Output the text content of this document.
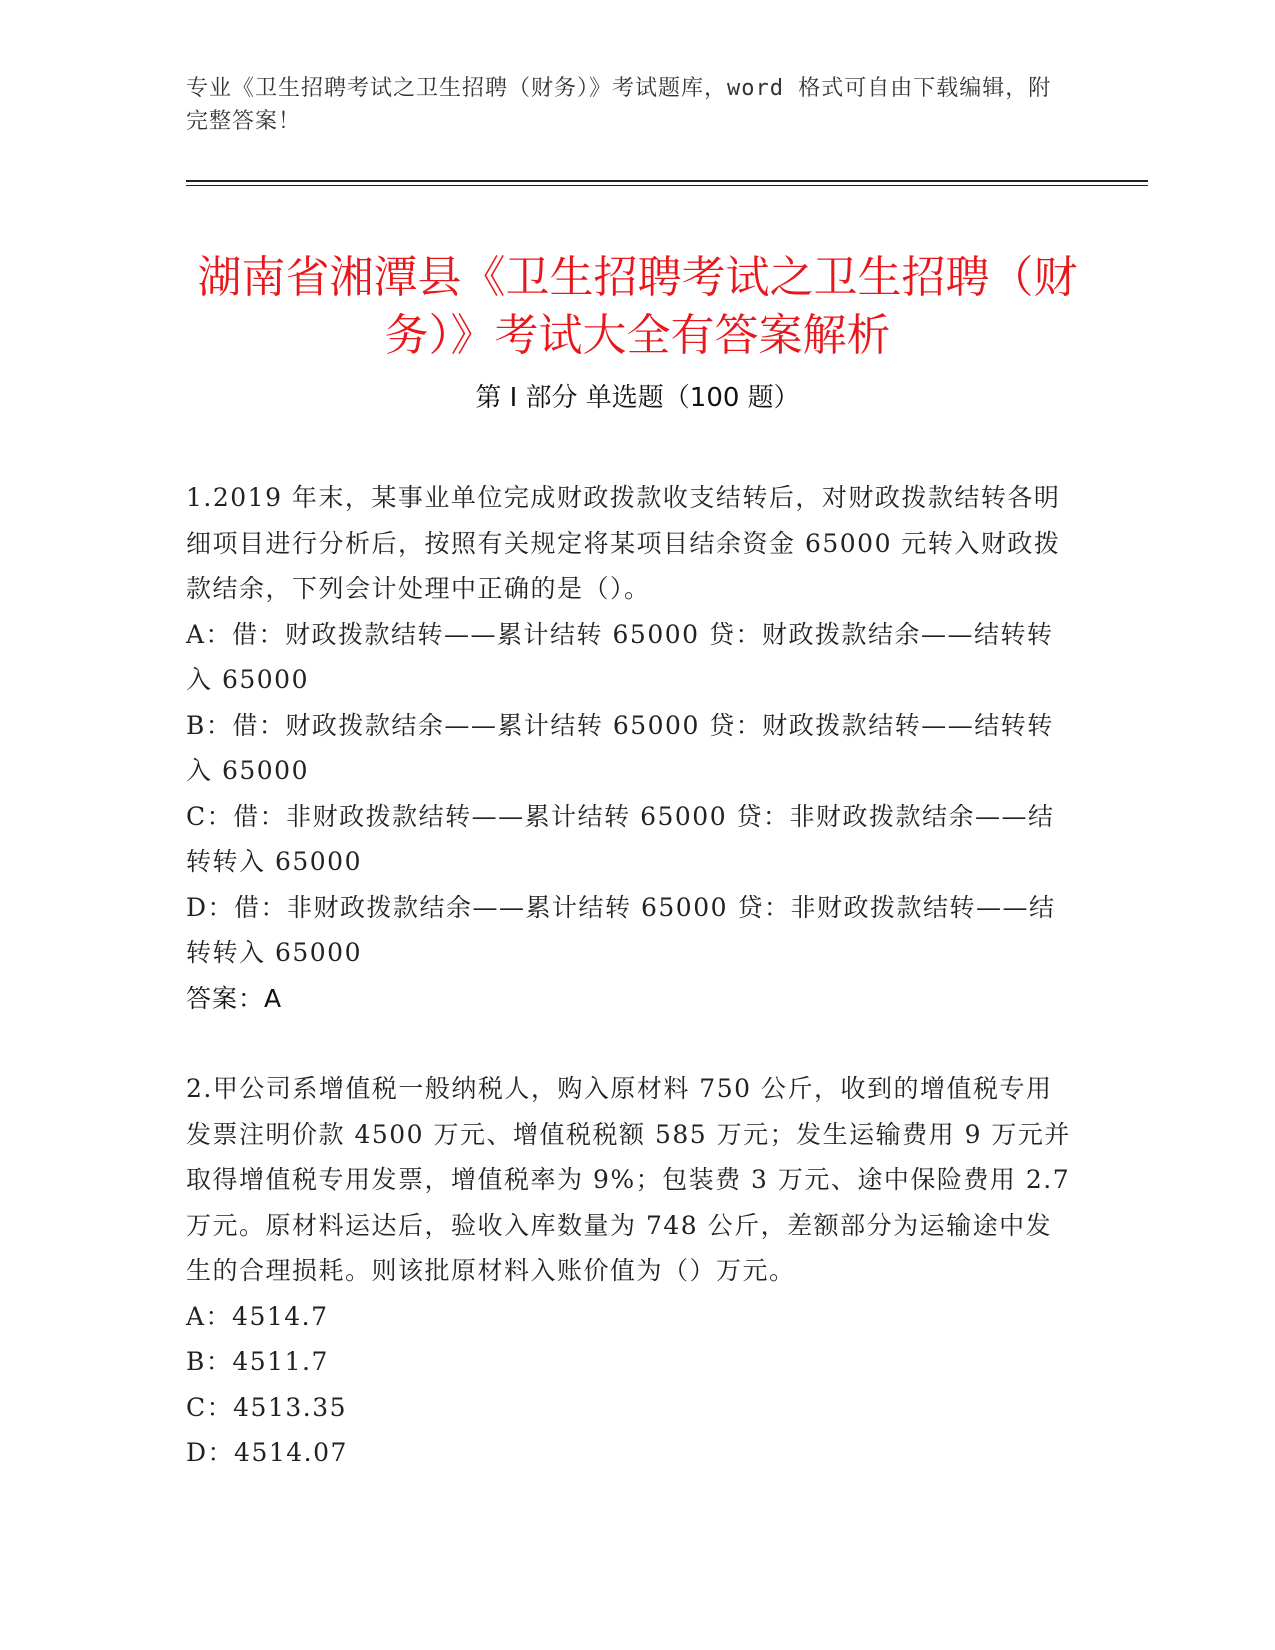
专业《卫生招聘考试之卫生招聘（财务）》考试题库，word 格式可自由下载编辑，附完整答案！
湖南省湘潭县《卫生招聘考试之卫生招聘（财务）》考试大全有答案解析
第 I 部分 单选题（100 题）

1.2019 年末，某事业单位完成财政拨款收支结转后，对财政拨款结转各明细项目进行分析后，按照有关规定将某项目结余资金 65000 元转入财政拨款结余，下列会计处理中正确的是（）。

A：借：财政拨款结转——累计结转 65000 贷：财政拨款结余——结转转入 65000

B：借：财政拨款结余——累计结转 65000 贷：财政拨款结转——结转转入 65000

C：借：非财政拨款结转——累计结转 65000 贷：非财政拨款结余——结转转入 65000

D：借：非财政拨款结余——累计结转 65000 贷：非财政拨款结转——结转转入 65000

答案：A

2.甲公司系增值税一般纳税人，购入原材料 750 公斤，收到的增值税专用发票注明价款 4500 万元、增值税税额 585 万元；发生运输费用 9 万元并取得增值税专用发票，增值税率为 9%；包装费 3 万元、途中保险费用 2.7 万元。原材料运达后，验收入库数量为 748 公斤，差额部分为运输途中发生的合理损耗。则该批原材料入账价值为（）万元。

A：4514.7

B：4511.7

C：4513.35

D：4514.07
